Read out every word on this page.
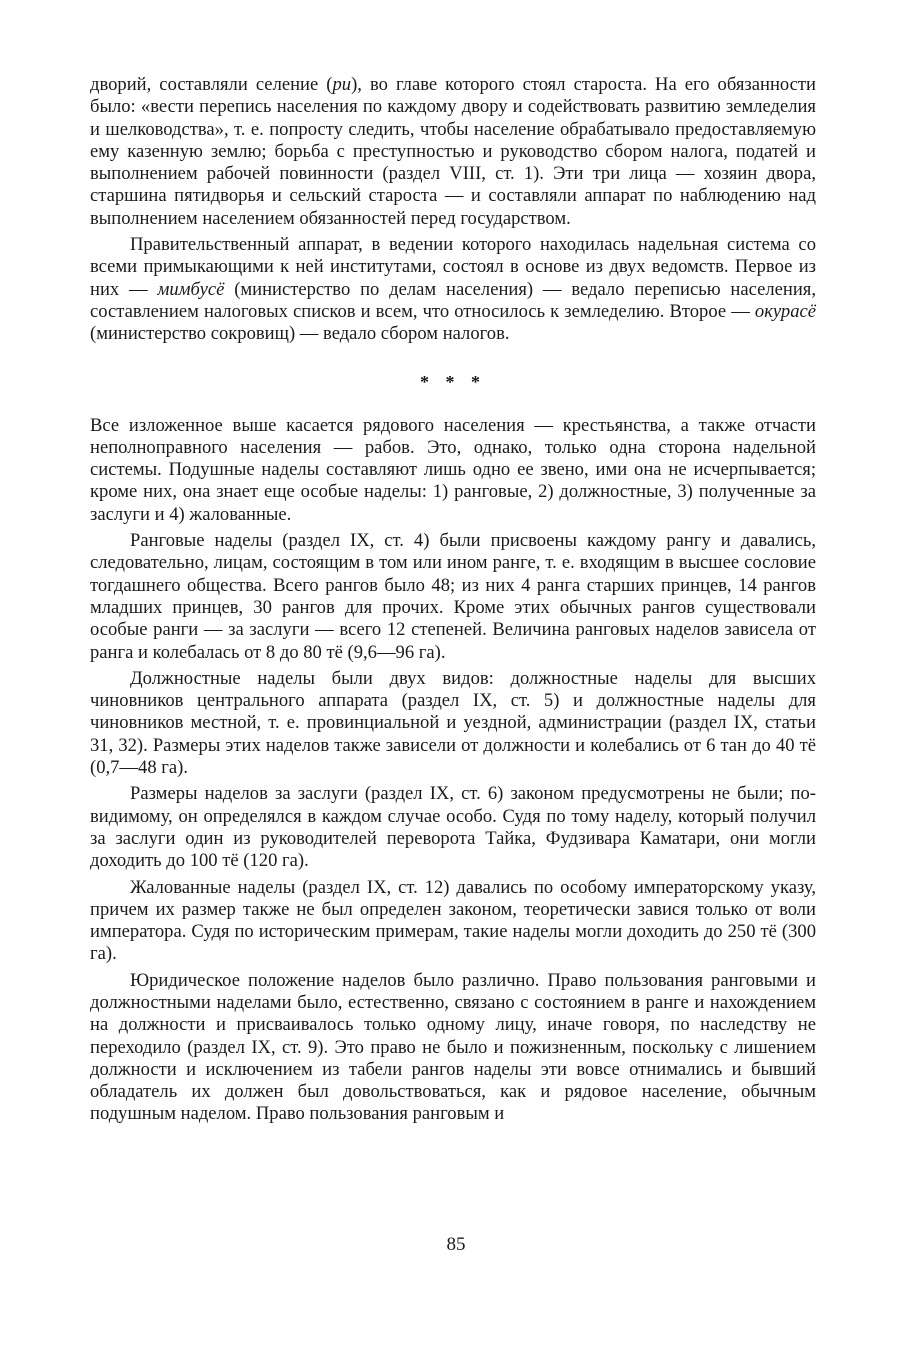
дворий, составляли селение (ри), во главе которого стоял староста. На его обязанности было: «вести перепись населения по каждому двору и содействовать развитию земледелия и шелководства», т. е. попросту следить, чтобы население обрабатывало предоставляемую ему казенную землю; борьба с преступностью и руководство сбором налога, податей и выполнением рабочей повинности (раздел VIII, ст. 1). Эти три лица — хозяин двора, старшина пятидворья и сельский староста — и составляли аппарат по наблюдению над выполнением населением обязанностей перед государством.

Правительственный аппарат, в ведении которого находилась надельная система со всеми примыкающими к ней институтами, состоял в основе из двух ведомств. Первое из них — мимбусё (министерство по делам населения) — ведало переписью населения, составлением налоговых списков и всем, что относилось к земледелию. Второе — окурасё (министерство сокровищ) — ведало сбором налогов.

* * *

Все изложенное выше касается рядового населения — крестьянства, а также отчасти неполноправного населения — рабов. Это, однако, только одна сторона надельной системы. Подушные наделы составляют лишь одно ее звено, ими она не исчерпывается; кроме них, она знает еще особые наделы: 1) ранговые, 2) должностные, 3) полученные за заслуги и 4) жалованные.

Ранговые наделы (раздел IX, ст. 4) были присвоены каждому рангу и давались, следовательно, лицам, состоящим в том или ином ранге, т. е. входящим в высшее сословие тогдашнего общества. Всего рангов было 48; из них 4 ранга старших принцев, 14 рангов младших принцев, 30 рангов для прочих. Кроме этих обычных рангов существовали особые ранги — за заслуги — всего 12 степеней. Величина ранговых наделов зависела от ранга и колебалась от 8 до 80 тё (9,6—96 га).

Должностные наделы были двух видов: должностные наделы для высших чиновников центрального аппарата (раздел IX, ст. 5) и должностные наделы для чиновников местной, т. е. провинциальной и уездной, администрации (раздел IX, статьи 31, 32). Размеры этих наделов также зависели от должности и колебались от 6 тан до 40 тё (0,7—48 га).

Размеры наделов за заслуги (раздел IX, ст. 6) законом предусмотрены не были; по-видимому, он определялся в каждом случае особо. Судя по тому наделу, который получил за заслуги один из руководителей переворота Тайка, Фудзивара Каматари, они могли доходить до 100 тё (120 га).

Жалованные наделы (раздел IX, ст. 12) давались по особому императорскому указу, причем их размер также не был определен законом, теоретически завися только от воли императора. Судя по историческим примерам, такие наделы могли доходить до 250 тё (300 га).

Юридическое положение наделов было различно. Право пользования ранговыми и должностными наделами было, естественно, связано с состоянием в ранге и нахождением на должности и присваивалось только одному лицу, иначе говоря, по наследству не переходило (раздел IX, ст. 9). Это право не было и пожизненным, поскольку с лишением должности и исключением из табели рангов наделы эти вовсе отнимались и бывший обладатель их должен был довольствоваться, как и рядовое население, обычным подушным наделом. Право пользования ранговым и

85
